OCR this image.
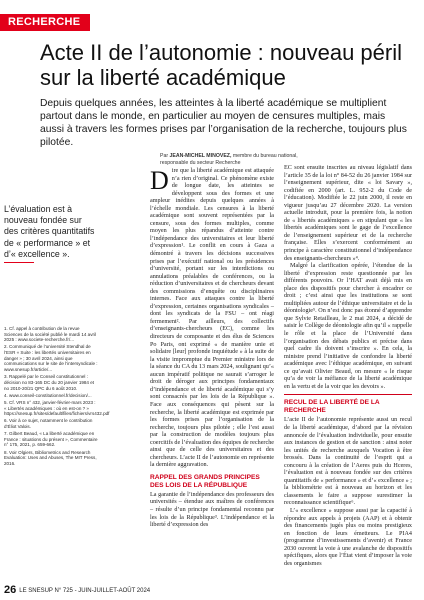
RECHERCHE
Acte II de l’autonomie : nouveau péril sur la liberté académique

Depuis quelques années, les atteintes à la liberté académique se multiplient partout dans le monde, en particulier au moyen de censures multiples, mais aussi à travers les formes prises par l’organisation de la recherche, toujours plus pilotée.

Par JEAN-MICHEL MINOVEZ, membre du bureau national, responsable du secteur Recherche
L’évaluation est à nouveau fondée sur des critères quantitatifs de « performance » et d’« excellence ».

1. Cf. appel à contribution de la revue Sciences de la société publié le mardi 14 avril 2025 : www.societe-recherche.fr/...

2. Communiqué de l’université Stendhal de l’ESR « Suite : les libertés universitaires en danger » ; 30 avril 2024, ainsi que communications sur le site de l’intersyndicale : www.snesup.fr/article/...

3. Rappelé par le Conseil constitutionnel : décision no 83-165 DC du 20 janvier 1984 et no 2010-20/21 QPC du 6 août 2010.

4. www.conseil-constitutionnel.fr/decision/...

5. Cf. VRS n° 432, janvier-février-mars 2023 : « Libertés académiques : où en est-on ? » https://snesup.fr/sites/default/files/fichiers/vrs432.pdf

6. Voir à ce sujet, notamment le contribution d’Éliot Valois.

7. Gilbert Beaud, « La liberté académique en France : situations du présent », Commentaire n° 175, 2021, p. 659-662.

8. Voir Olgiers, Bibliometrics and Research Evaluation: Uses and Abuses, The MIT Press, 2016.

Dire que la liberté académique est attaquée n’a rien d’original. Ce phénomène existe de longue date, les atteintes se développent sous des formes et une ampleur inédites depuis quelques années à l’échelle mondiale. Les censures à la liberté académique sont souvent représentées par la censure, sous des formes multiples, comme moyen les plus répandus d’atteinte contre l’indépendance des universitaires et leur liberté d’expression¹. Le conflit en cours à Gaza a démontré à travers les décisions successives prises par l’exécutif national ou les présidences d’université, portant sur les interdictions ou annulations préalables de conférences, ou la réduction d’universitaires et de chercheurs devant des commissions d’enquête ou disciplinaires internes. Face aux attaques contre la liberté d’expression, certaines organisations syndicales – dont les syndicats de la FSU – ont réagi fermement². Par ailleurs, des collectifs d’enseignants-chercheurs (EC), comme les directeurs de composante et des élus de Sciences Po Paris, ont exprimé « de manière unie et solidaire [leur] profonde inquiétude » à la suite de la visite impromptue du Premier ministre lors de la séance du CA du 13 mars 2024, soulignant qu’« aucun impératif politique ne saurait s’arroger le droit de déroger aux principes fondamentaux d’indépendance et de liberté académique qui s’y sont consacrés par les lois de la République ». Face aux conséquences qui pèsent sur la recherche, la liberté académique est exprimée par les formes prises par l’organisation de la recherche, toujours plus pilotée ; elle l’est aussi par la construction de modèles toujours plus coercitifs de l’évaluation des équipes de recherche ainsi que de celle des universitaires et des chercheurs. L’acte II de l’autonomie en représente la dernière aggravation.

RAPPEL DES GRANDS PRINCIPES DES LOIS DE LA RÉPUBLIQUE

La garantie de l’indépendance des professeurs des universités – étendue aux maîtres de conférences – résulte d’un principe fondamental reconnu par les lois de la République³. L’indépendance et la liberté d’expression des

EC sont ensuite inscrites au niveau législatif dans l’article 35 de la loi n° 84-52 du 26 janvier 1984 sur l’enseignement supérieur, dite « loi Savary », codifiée en 2000 (art. L. 952-2 du Code de l’éducation). Modifiée le 22 juin 2000, il reste en vigueur jusqu’au 27 décembre 2020. La version actuelle introduit, pour la première fois, la notion de « libertés académiques » en stipulant que « les libertés académiques sont le gage de l’excellence de l’enseignement supérieur et de la recherche française. Elles s’exercent conformément au principe à caractère constitutionnel d’indépendance des enseignants-chercheurs »⁴.

Malgré la clarification opérée, l’étendue de la liberté d’expression reste questionnée par les différents pouvoirs. Or l’HAT avait déjà mis en place des dispositifs pour chercher à encadrer ce droit ; c’est ainsi que les institutions se sont multipliées autour de l’éthique universitaire et de la déontologie⁵. On n’est donc pas étonné d’apprendre que Sylvie Retailleau, le 2 mai 2024, a décidé de saisir le Collège de déontologie afin qu’il « rappelle le rôle et la place de l’Université dans l’organisation des débats publics et précise dans quel cadre ils doivent s’inscrire ». En cela, la ministre prend l’initiative de confondre la liberté académique avec l’éthique académique, en suivant ce qu’avait Olivier Beaud, on mesure « le risque qu’a de voir la méfiance de la liberté académique en la vertu et de la voir que les devoirs ».

RECUL DE LA LIBERTÉ DE LA RECHERCHE

L’acte II de l’autonomie représente aussi un recul de la liberté académique, d’abord par la révision annoncée de l’évaluation individuelle, pour ensuite aux instances de gestion et de sanction : ainsi noter les unités de recherche auxquels Vocation à être brossés. Dans la continuité de l’esprit qui a concouru à la création de l’Aeres puis du Hceres, l’évaluation est à nouveau fondée sur des critères quantitatifs de « performance » et d’« excellence » ; la bibliométrie est à nouveau au horizon et les classements le faire a suppose surestimer la reconnaissance scientifique⁶.

L’« excellence » suppose aussi par la capacité à répondre aux appels à projets (AAP) et à obtenir des financements jugés plus ou moins prestigieux en fonction de leurs émetteurs. Le PIA4 (programme d’investissements d’avenir) et France 2030 ouvrent la voie à une avalanche de dispositifs spécifiques, alors que l’État vient d’imposer la voie des organismes

26 LE SNESUP N° 725 - JUIN-JUILLET-AOÛT 2024
